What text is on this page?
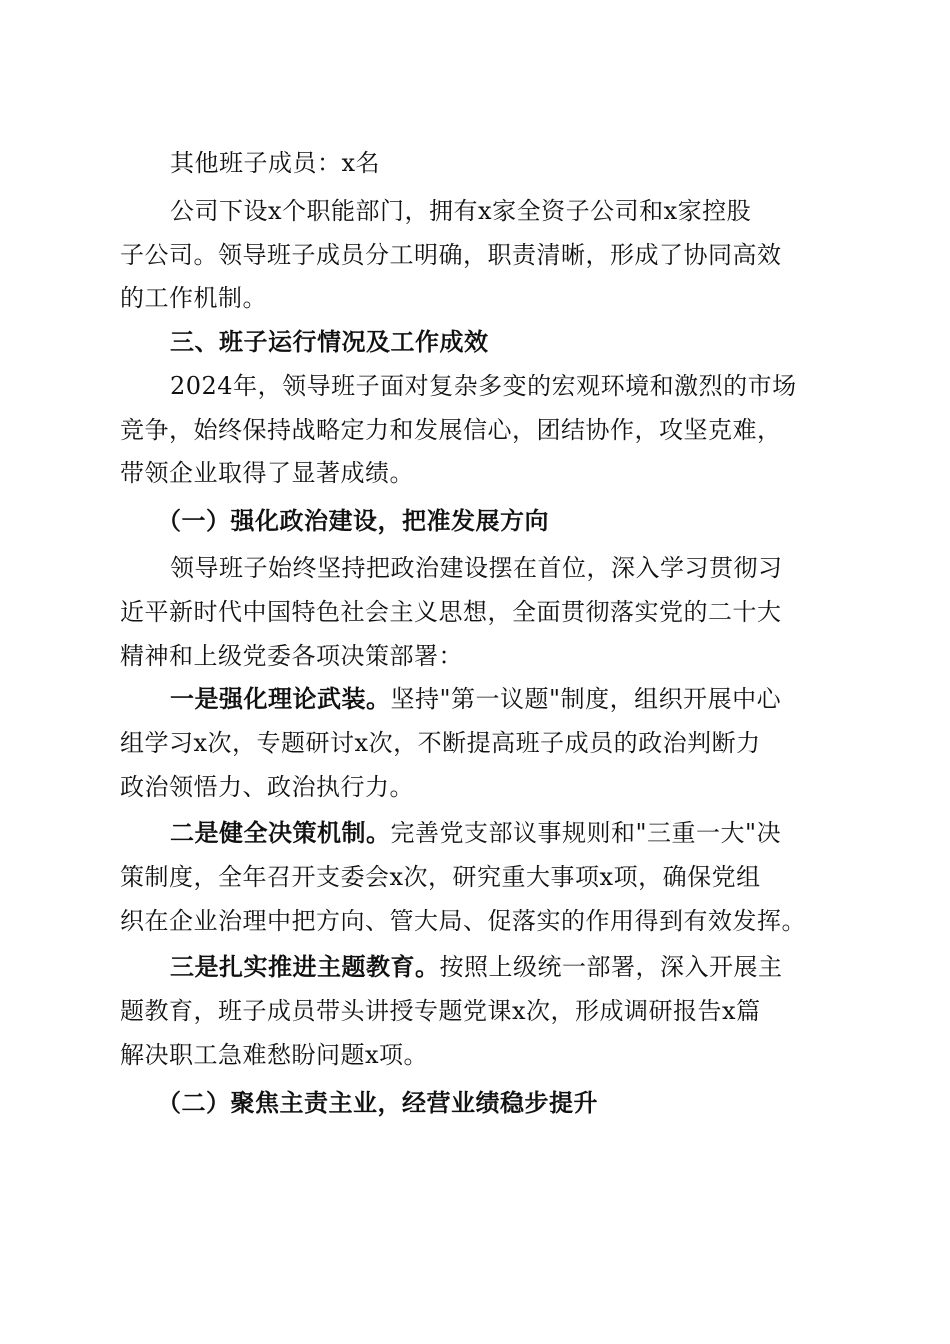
其他班子成员：x名
公司下设x个职能部门，拥有x家全资子公司和x家控股
子公司。领导班子成员分工明确，职责清晰，形成了协同高效
的工作机制。
三、班子运行情况及工作成效
2024年，领导班子面对复杂多变的宏观环境和激烈的市场
竞争，始终保持战略定力和发展信心，团结协作，攻坚克难，
带领企业取得了显著成绩。
（一）强化政治建设，把准发展方向
领导班子始终坚持把政治建设摆在首位，深入学习贯彻习
近平新时代中国特色社会主义思想，全面贯彻落实党的二十大
精神和上级党委各项决策部署：
一是强化理论武装。坚持"第一议题"制度，组织开展中心
组学习x次，专题研讨x次，不断提高班子成员的政治判断力
政治领悟力、政治执行力。
二是健全决策机制。完善党支部议事规则和"三重一大"决
策制度，全年召开支委会x次，研究重大事项x项，确保党组
织在企业治理中把方向、管大局、促落实的作用得到有效发挥。
三是扎实推进主题教育。按照上级统一部署，深入开展主
题教育，班子成员带头讲授专题党课x次，形成调研报告x篇
解决职工急难愁盼问题x项。
（二）聚焦主责主业，经营业绩稳步提升
